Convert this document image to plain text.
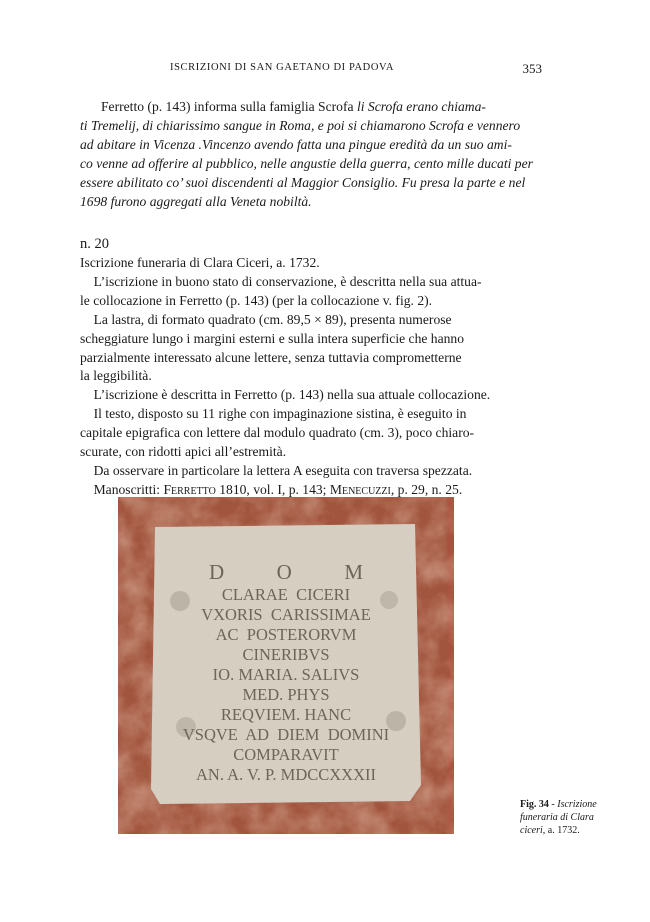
ISCRIZIONI DI SAN GAETANO DI PADOVA	353

Ferretto (p. 143) informa sulla famiglia Scrofa li Scrofa erano chiama-
ti Tremelij, di chiarissimo sangue in Roma, e poi si chiamarono Scrofa e vennero
ad abitare in Vicenza .Vincenzo avendo fatta una pingue eredità da un suo ami-
co venne ad offerire al pubblico, nelle angustie della guerra, cento mille ducati per
essere abilitato co’ suoi discendenti al Maggior Consiglio. Fu presa la parte e nel
1698 furono aggregati alla Veneta nobiltà.

n. 20

Iscrizione funeraria di Clara Ciceri, a. 1732.
L’iscrizione in buono stato di conservazione, è descritta nella sua attua-
le collocazione in Ferretto (p. 143) (per la collocazione v. fig. 2).
La lastra, di formato quadrato (cm. 89,5 × 89), presenta numerose
scheggiature lungo i margini esterni e sulla intera superficie che hanno
parzialmente interessato alcune lettere, senza tuttavia comprometterne
la leggibilità.
L’iscrizione è descritta in Ferretto (p. 143) nella sua attuale collocazione.
Il testo, disposto su 11 righe con impaginazione sistina, è eseguito in
capitale epigrafica con lettere dal modulo quadrato (cm. 3), poco chiaro-
scurate, con ridotti apici all’estremità.
Da osservare in particolare la lettera A eseguita con traversa spezzata.
Manoscritti: Ferretto 1810, vol. I, p. 143; Menecuzzi, p. 29, n. 25.
D          O          M
CLARAE  CICERI
VXORIS  CARISSIMAE
AC  POSTERORVM
CINERIBVS
IO. MARIA. SALIVS
MED. PHYS
REQVIEM. HANC
VSQVE  AD  DIEM  DOMINI
COMPARAVIT
AN. A. V. P. MDCCXXXII

Fig. 34 - Iscrizione
funeraria di Clara
ciceri, a. 1732.
